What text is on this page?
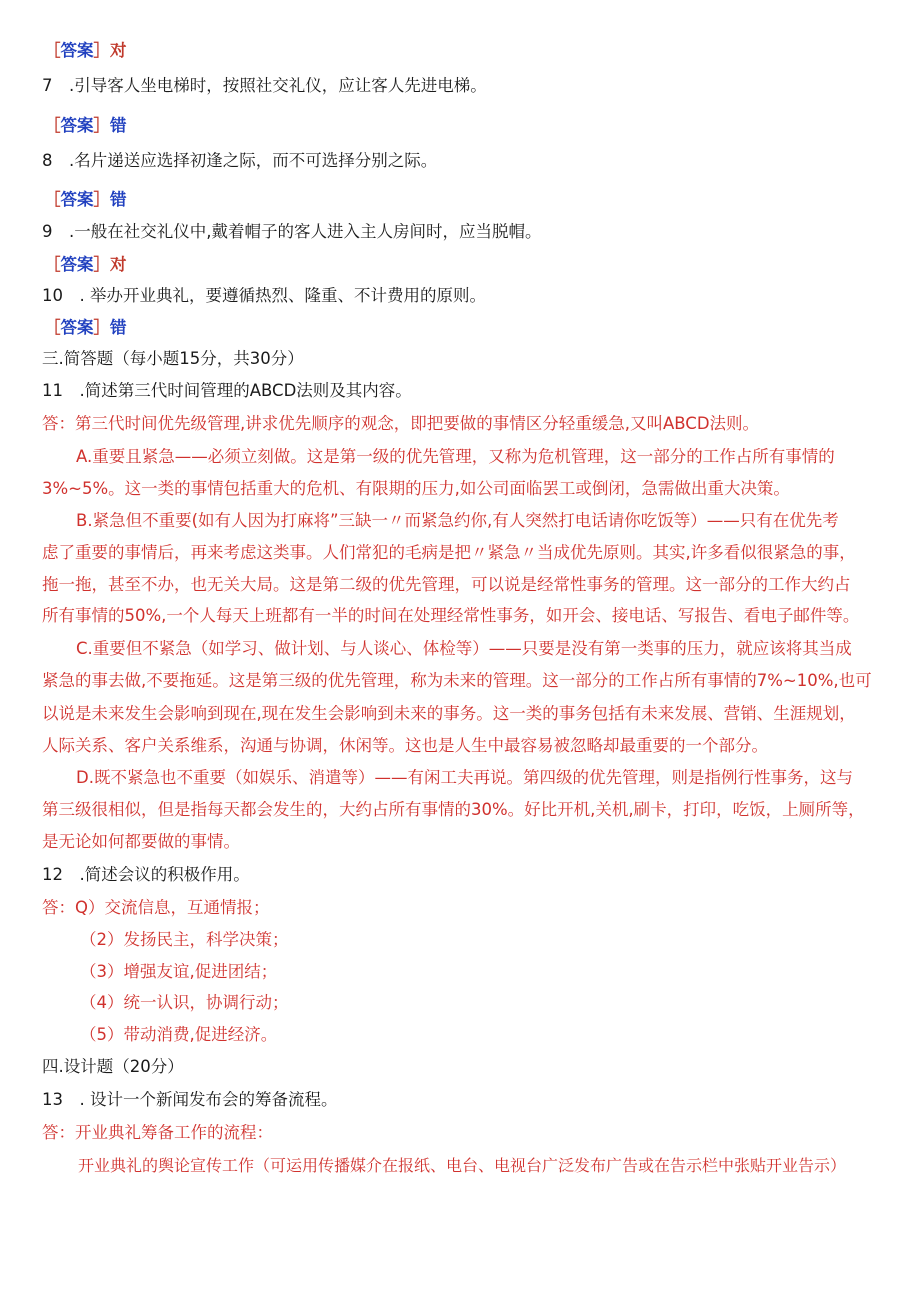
［答案］对
7　.引导客人坐电梯时，按照社交礼仪，应让客人先进电梯。
［答案］错
8　.名片递送应选择初逢之际，而不可选择分别之际。
［答案］错
9　.一般在社交礼仪中,戴着帽子的客人进入主人房间时，应当脱帽。
［答案］对
10　. 举办开业典礼，要遵循热烈、隆重、不计费用的原则。
［答案］错
三.简答题（每小题15分，共30分）
11　.简述第三代时间管理的ABCD法则及其内容。
答：第三代时间优先级管理,讲求优先顺序的观念，即把要做的事情区分轻重缓急,又叫ABCD法则。
A.重要且紧急——必须立刻做。这是第一级的优先管理，又称为危机管理，这一部分的工作占所有事情的
3%~5%。这一类的事情包括重大的危机、有限期的压力,如公司面临罢工或倒闭，急需做出重大决策。
B.紧急但不重要(如有人因为打麻将”三缺一〃而紧急约你,有人突然打电话请你吃饭等）——只有在优先考
虑了重要的事情后，再来考虑这类事。人们常犯的毛病是把〃紧急〃当成优先原则。其实,许多看似很紧急的事，
拖一拖，甚至不办，也无关大局。这是第二级的优先管理，可以说是经常性事务的管理。这一部分的工作大约占
所有事情的50%,一个人每天上班都有一半的时间在处理经常性事务，如开会、接电话、写报告、看电子邮件等。
C.重要但不紧急（如学习、做计划、与人谈心、体检等）——只要是没有第一类事的压力，就应该将其当成
紧急的事去做,不要拖延。这是第三级的优先管理，称为未来的管理。这一部分的工作占所有事情的7%~10%,也可
以说是未来发生会影响到现在,现在发生会影响到未来的事务。这一类的事务包括有未来发展、营销、生涯规划，
人际关系、客户关系维系，沟通与协调，休闲等。这也是人生中最容易被忽略却最重要的一个部分。
D.既不紧急也不重要（如娱乐、消遣等）——有闲工夫再说。第四级的优先管理，则是指例行性事务，这与
第三级很相似，但是指每天都会发生的，大约占所有事情的30%。好比开机,关机,刷卡，打印，吃饭，上厕所等，
是无论如何都要做的事情。
12　.简述会议的积极作用。
答：Q）交流信息，互通情报；
（2）发扬民主，科学决策；
（3）增强友谊,促进团结；
（4）统一认识，协调行动；
（5）带动消费,促进经济。
四.设计题（20分）
13　. 设计一个新闻发布会的筹备流程。
答：开业典礼筹备工作的流程：
开业典礼的舆论宣传工作（可运用传播媒介在报纸、电台、电视台广泛发布广告或在告示栏中张贴开业告示）
